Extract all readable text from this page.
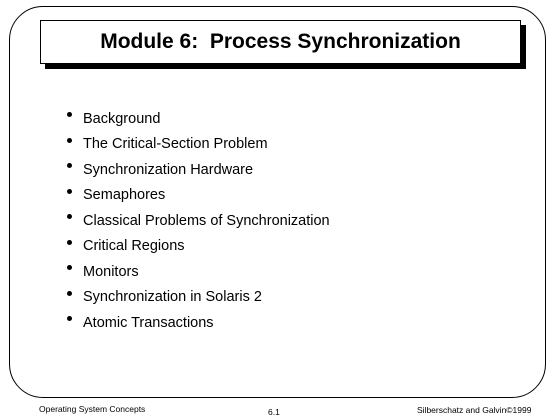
Module 6:  Process Synchronization
Background
The Critical-Section Problem
Synchronization Hardware
Semaphores
Classical Problems of Synchronization
Critical Regions
Monitors
Synchronization in Solaris 2
Atomic Transactions
Operating System Concepts	6.1	Silberschatz and Galvin©1999
